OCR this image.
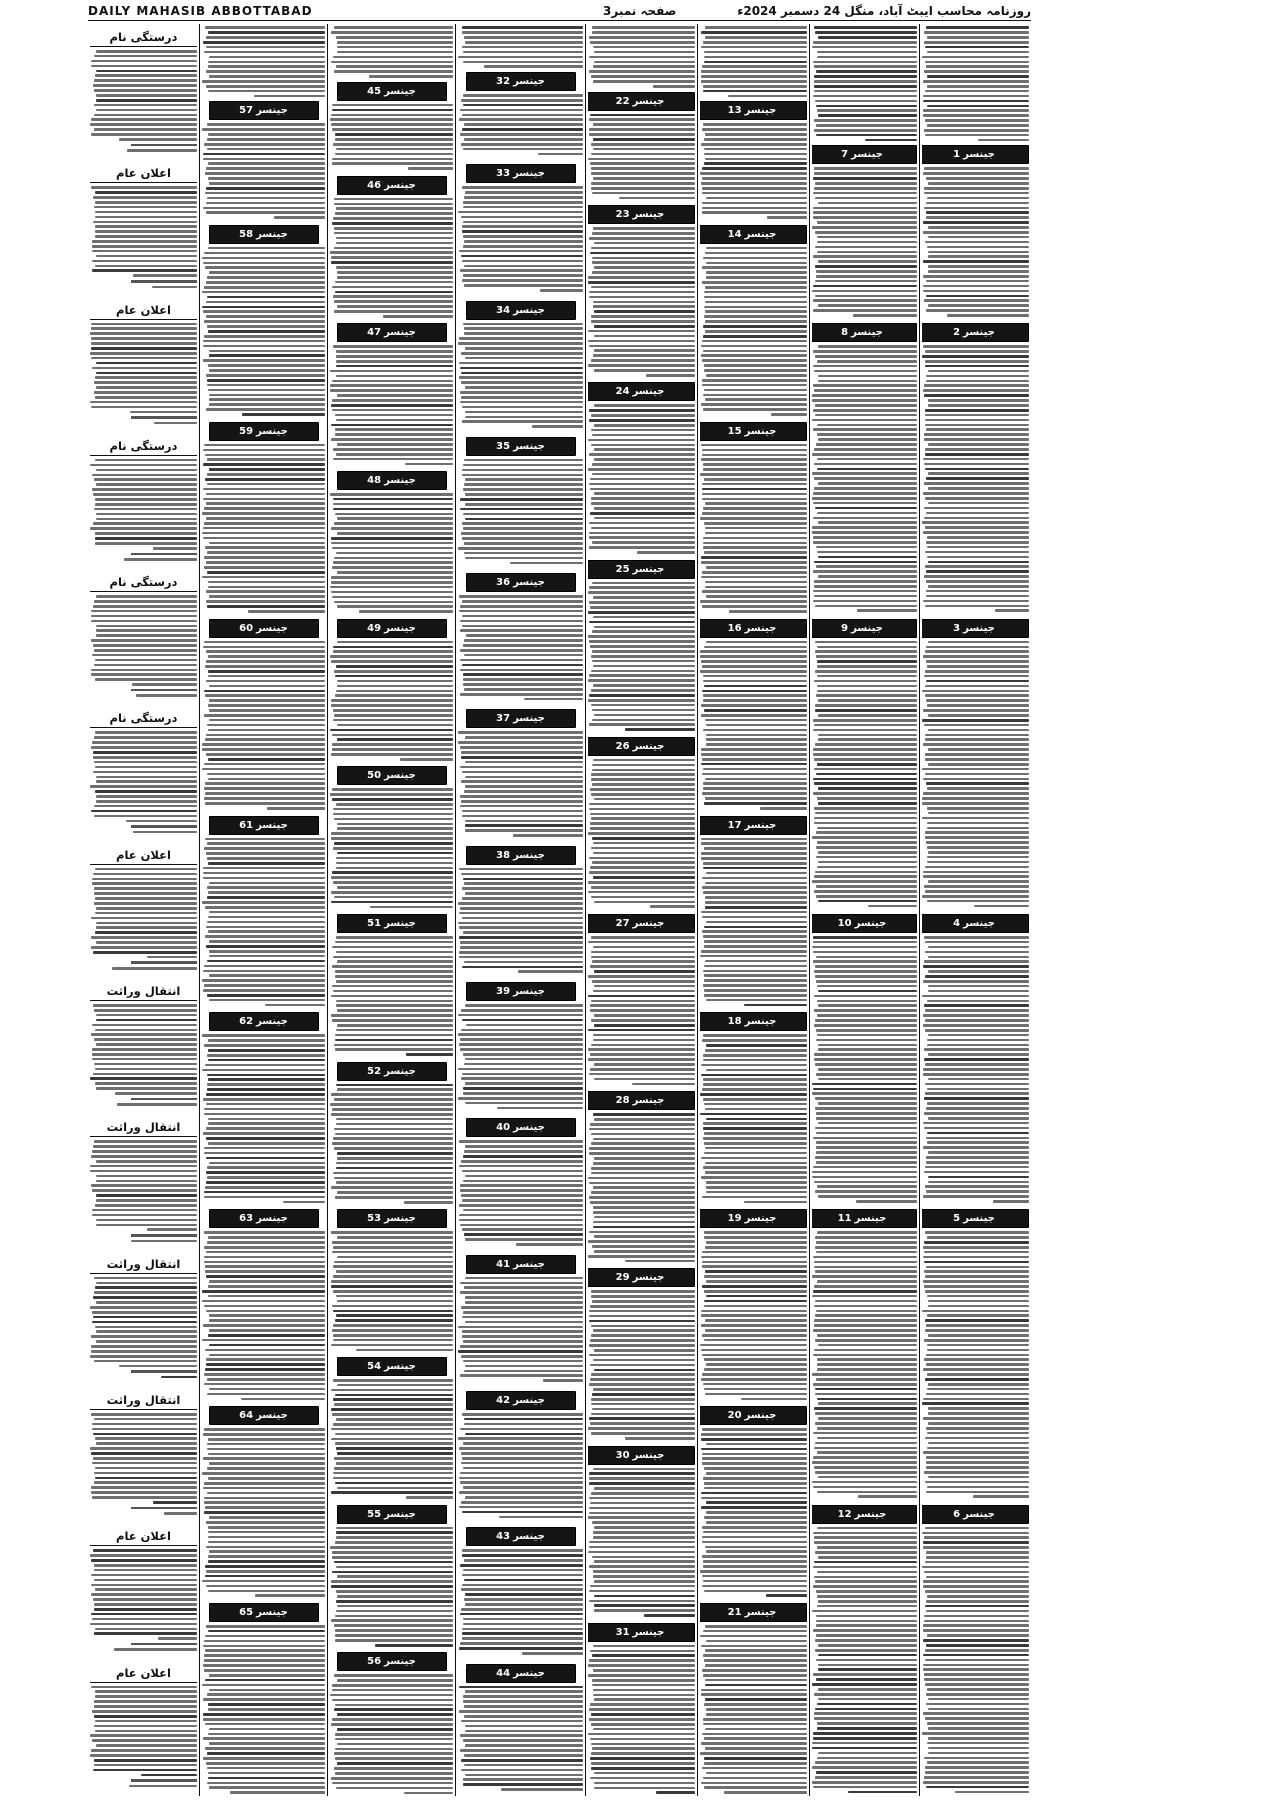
DAILY MAHASIB ABBOTTABAD	صفحہ نمبر3	روزنامہ محاسب ایبٹ آباد، منگل 24 دسمبر 2024ء
درستگی نام
اعلان عام
اعلان عام
درستگی نام
درستگی نام
درستگی نام
اعلان عام
انتقال وراثت
انتقال وراثت
انتقال وراثت
انتقال وراثت
اعلان عام
اعلان عام
جینسر
57
جینسر
58
جینسر
59
جینسر
60
جینسر
61
جینسر
62
جینسر
63
جینسر
64
جینسر
65
جینسر
45
جینسر
46
جینسر
47
جینسر
48
جینسر
49
جینسر
50
جینسر
51
جینسر
52
جینسر
53
جینسر
54
جینسر
55
جینسر
56
جینسر
32
جینسر
33
جینسر
34
جینسر
35
جینسر
36
جینسر
37
جینسر
38
جینسر
39
جینسر
40
جینسر
41
جینسر
42
جینسر
43
جینسر
44
جینسر
22
جینسر
23
جینسر
24
جینسر
25
جینسر
26
جینسر
27
جینسر
28
جینسر
29
جینسر
30
جینسر
31
جینسر
13
جینسر
14
جینسر
15
جینسر
16
جینسر
17
جینسر
18
جینسر
19
جینسر
20
جینسر
21
جینسر
7
جینسر
8
جینسر
9
جینسر
10
جینسر
11
جینسر
12
جینسر
1
جینسر
2
جینسر
3
جینسر
4
جینسر
5
جینسر
6
